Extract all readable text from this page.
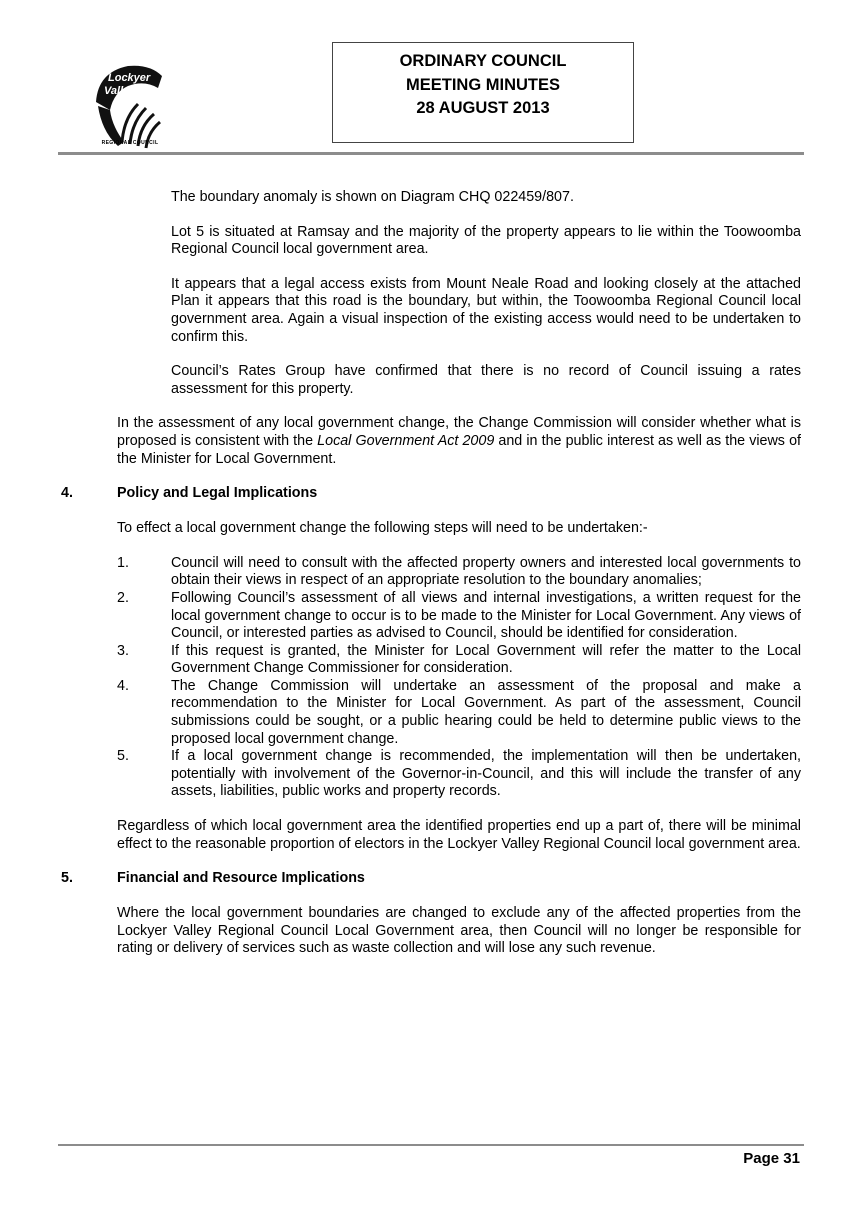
Lockyer
Valley
REGIONAL COUNCIL
ORDINARY COUNCIL
MEETING MINUTES
28 AUGUST 2013

The boundary anomaly is shown on Diagram CHQ 022459/807.

Lot 5 is situated at Ramsay and the majority of the property appears to lie within the Toowoomba Regional Council local government area.

It appears that a legal access exists from Mount Neale Road and looking closely at the attached Plan it appears that this road is the boundary, but within, the Toowoomba Regional Council local government area. Again a visual inspection of the existing access would need to be undertaken to confirm this.

Council’s Rates Group have confirmed that there is no record of Council issuing a rates assessment for this property.

In the assessment of any local government change, the Change Commission will consider whether what is proposed is consistent with the Local Government Act 2009 and in the public interest as well as the views of the Minister for Local Government.

4.	Policy and Legal Implications

To effect a local government change the following steps will need to be undertaken:-

1.	Council will need to consult with the affected property owners and interested local governments to obtain their views in respect of an appropriate resolution to the boundary anomalies;

2.	Following Council’s assessment of all views and internal investigations, a written request for the local government change to occur is to be made to the Minister for Local Government. Any views of Council, or interested parties as advised to Council, should be identified for consideration.

3.	If this request is granted, the Minister for Local Government will refer the matter to the Local Government Change Commissioner for consideration.

4.	The Change Commission will undertake an assessment of the proposal and make a recommendation to the Minister for Local Government. As part of the assessment, Council submissions could be sought, or a public hearing could be held to determine public views to the proposed local government change.

5.	If a local government change is recommended, the implementation will then be undertaken, potentially with involvement of the Governor-in-Council, and this will include the transfer of any assets, liabilities, public works and property records.

Regardless of which local government area the identified properties end up a part of, there will be minimal effect to the reasonable proportion of electors in the Lockyer Valley Regional Council local government area.

5.	Financial and Resource Implications

Where the local government boundaries are changed to exclude any of the affected properties from the Lockyer Valley Regional Council Local Government area, then Council will no longer be responsible for rating or delivery of services such as waste collection and will lose any such revenue.

Page 31
